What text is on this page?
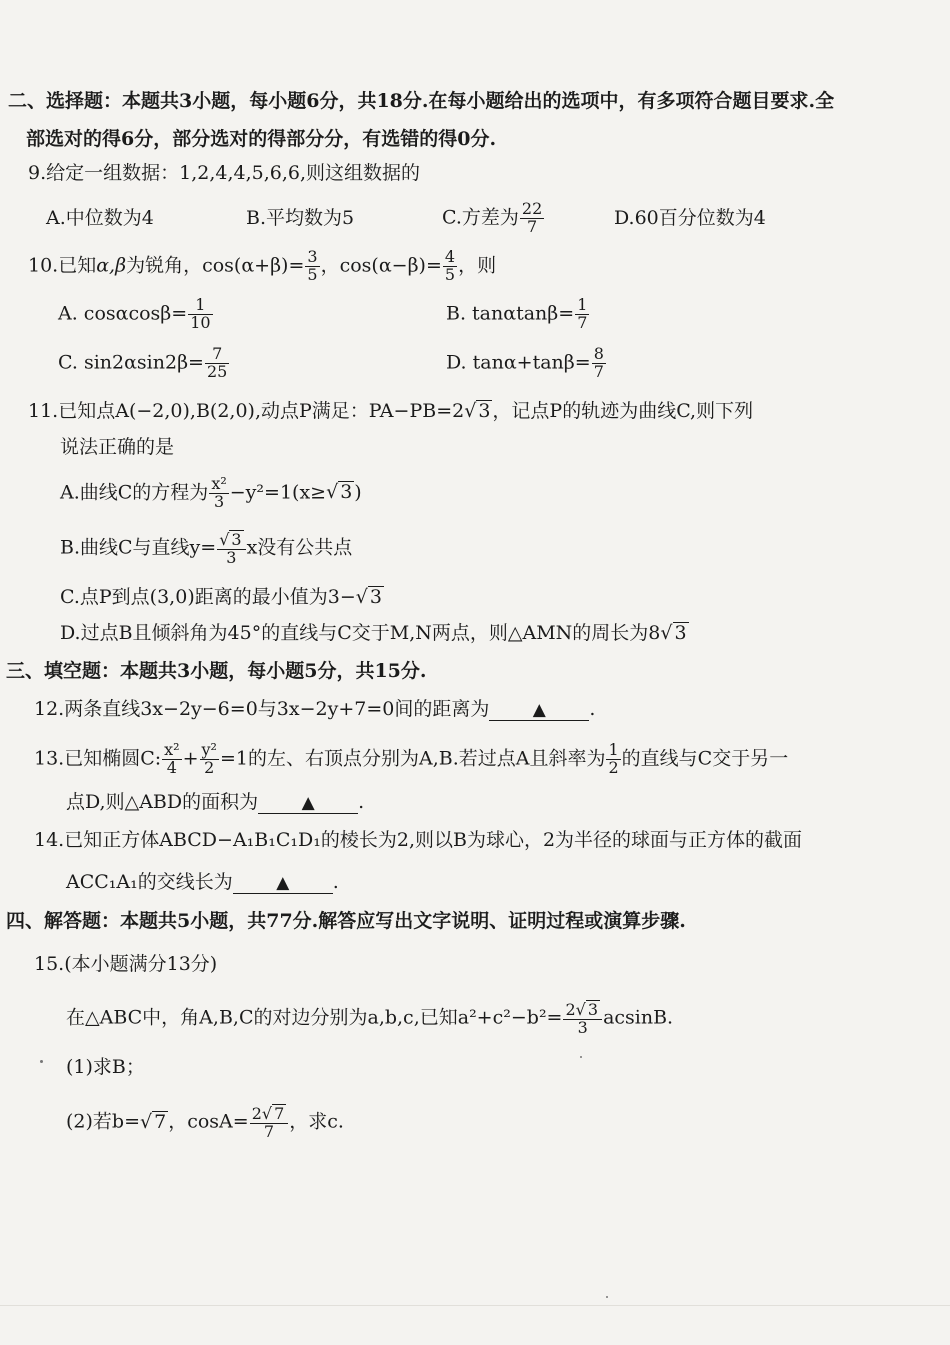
二、选择题：本题共3小题，每小题6分，共18分.在每小题给出的选项中，有多项符合题目要求.全
部选对的得6分，部分选对的得部分分，有选错的得0分.
9.给定一组数据：1,2,4,4,5,6,6,则这组数据的
A.中位数为4	B.平均数为5	C.方差为 $\frac{22}{7}$	D.60百分位数为4
10.已知α,β为锐角，$\cos(\alpha+\beta)= \frac{3}{5}$ ，$\cos(\alpha-\beta)= \frac{4}{5}$ ，则
A. $\cos\alpha\cos\beta= \frac{1}{10}$	B. $\tan\alpha\tan\beta= \frac{1}{7}$
C. $\sin 2\alpha\sin 2\beta= \frac{7}{25}$	D. $\tan\alpha+\tan\beta= \frac{8}{7}$
11.已知点A(−2,0),B(2,0),动点P满足：PA−PB=2√ 3 ，记点P的轨迹为曲线C,则下列
说法正确的是
A.曲线C的方程为 $\frac{\text{x²}}{3} -y^2=1(x\ge√$ 3 )
B.曲线C与直线$y= \frac{√ 3}{3}$ x没有公共点
C.点P到点(3,0)距离的最小值为3−√ 3
D.过点B且倾斜角为45°的直线与C交于M,N两点，则△AMN的周长为8√ 3
三、填空题：本题共3小题，每小题5分，共15分.
12.两条直线3x−2y−6=0与3x−2y+7=0间的距离为	▲ .
13.已知椭圆C: $\frac{\text{x²}}{4} + \frac{\text{y²}}{2} =1$的左、右顶点分别为A,B.若过点A且斜率为 $\frac{1}{2}$ 的直线与C交于另一
点D,则△ABD的面积为	▲ .
14.已知正方体ABCD−A₁B₁C₁D₁的棱长为2,则以B为球心，2为半径的球面与正方体的截面
ACC₁A₁的交线长为	▲ .
四、解答题：本题共5小题，共77分.解答应写出文字说明、证明过程或演算步骤.
15.(本小题满分13分)
在△ABC中，角A,B,C的对边分别为a,b,c,已知$a^2+c^2-b^2= \frac{2√ 3}{3} acsinB$.
(1)求B；
(2)若b=√ 7 ，$\cos A= \frac{2√ 7}{7}$ ，求c.
